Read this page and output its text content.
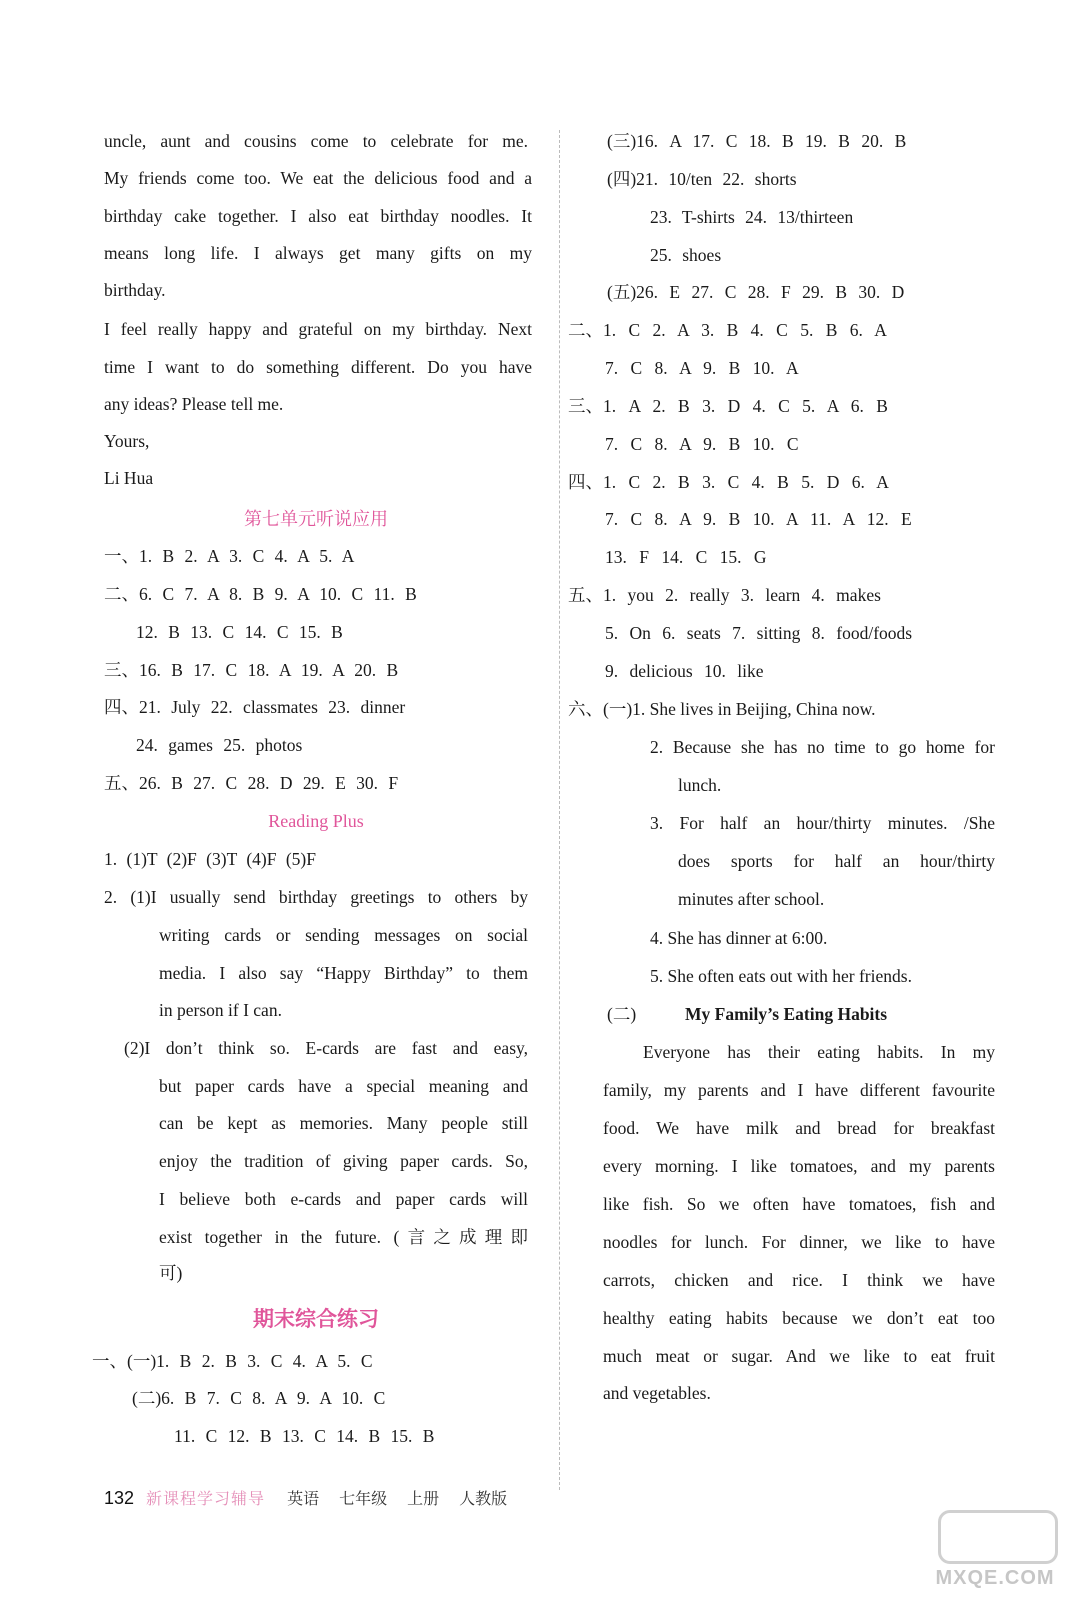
uncle, aunt and cousins come to celebrate for me.
My friends come too. We eat the delicious food and a
birthday cake together. I also eat birthday noodles. It
means long life. I always get many gifts on my
birthday.
I feel really happy and grateful on my birthday. Next
time I want to do something different. Do you have
any ideas? Please tell me.
Yours,
Li Hua
第七单元听说应用
一、1. B 2. A 3. C 4. A 5. A
二、6. C 7. A 8. B 9. A 10. C 11. B
12. B 13. C 14. C 15. B
三、16. B 17. C 18. A 19. A 20. B
四、21. July 22. classmates 23. dinner
24. games 25. photos
五、26. B 27. C 28. D 29. E 30. F
Reading Plus
1. (1)T (2)F (3)T (4)F (5)F
2. (1)I usually send birthday greetings to others by
writing cards or sending messages on social
media. I also say “Happy Birthday” to them
in person if I can.
(2)I don’t think so. E-cards are fast and easy,
but paper cards have a special meaning and
can be kept as memories. Many people still
enjoy the tradition of giving paper cards. So,
I believe both e-cards and paper cards will
exist together in the future. (言之成理即
可)
期末综合练习
一、(一)1. B 2. B 3. C 4. A 5. C
(二)6. B 7. C 8. A 9. A 10. C
11. C 12. B 13. C 14. B 15. B
(三)16. A 17. C 18. B 19. B 20. B
(四)21. 10/ten 22. shorts
23. T-shirts 24. 13/thirteen
25. shoes
(五)26. E 27. C 28. F 29. B 30. D
二、1. C 2. A 3. B 4. C 5. B 6. A
7. C 8. A 9. B 10. A
三、1. A 2. B 3. D 4. C 5. A 6. B
7. C 8. A 9. B 10. C
四、1. C 2. B 3. C 4. B 5. D 6. A
7. C 8. A 9. B 10. A 11. A 12. E
13. F 14. C 15. G
五、1. you 2. really 3. learn 4. makes
5. On 6. seats 7. sitting 8. food/foods
9. delicious 10. like
六、(一)1. She lives in Beijing, China now.
2. Because she has no time to go home for
lunch.
3. For half an hour/thirty minutes. /She
does sports for half an hour/thirty
minutes after school.
4. She has dinner at 6:00.
5. She often eats out with her friends.
(二)	My Family’s Eating Habits
Everyone has their eating habits. In my
family, my parents and I have different favourite
food. We have milk and bread for breakfast
every morning. I like tomatoes, and my parents
like fish. So we often have tomatoes, fish and
noodles for lunch. For dinner, we like to have
carrots, chicken and rice. I think we have
healthy eating habits because we don’t eat too
much meat or sugar. And we like to eat fruit
and vegetables.
132 新课程学习辅导 英语 七年级 上册 人教版
MXQE.COM
